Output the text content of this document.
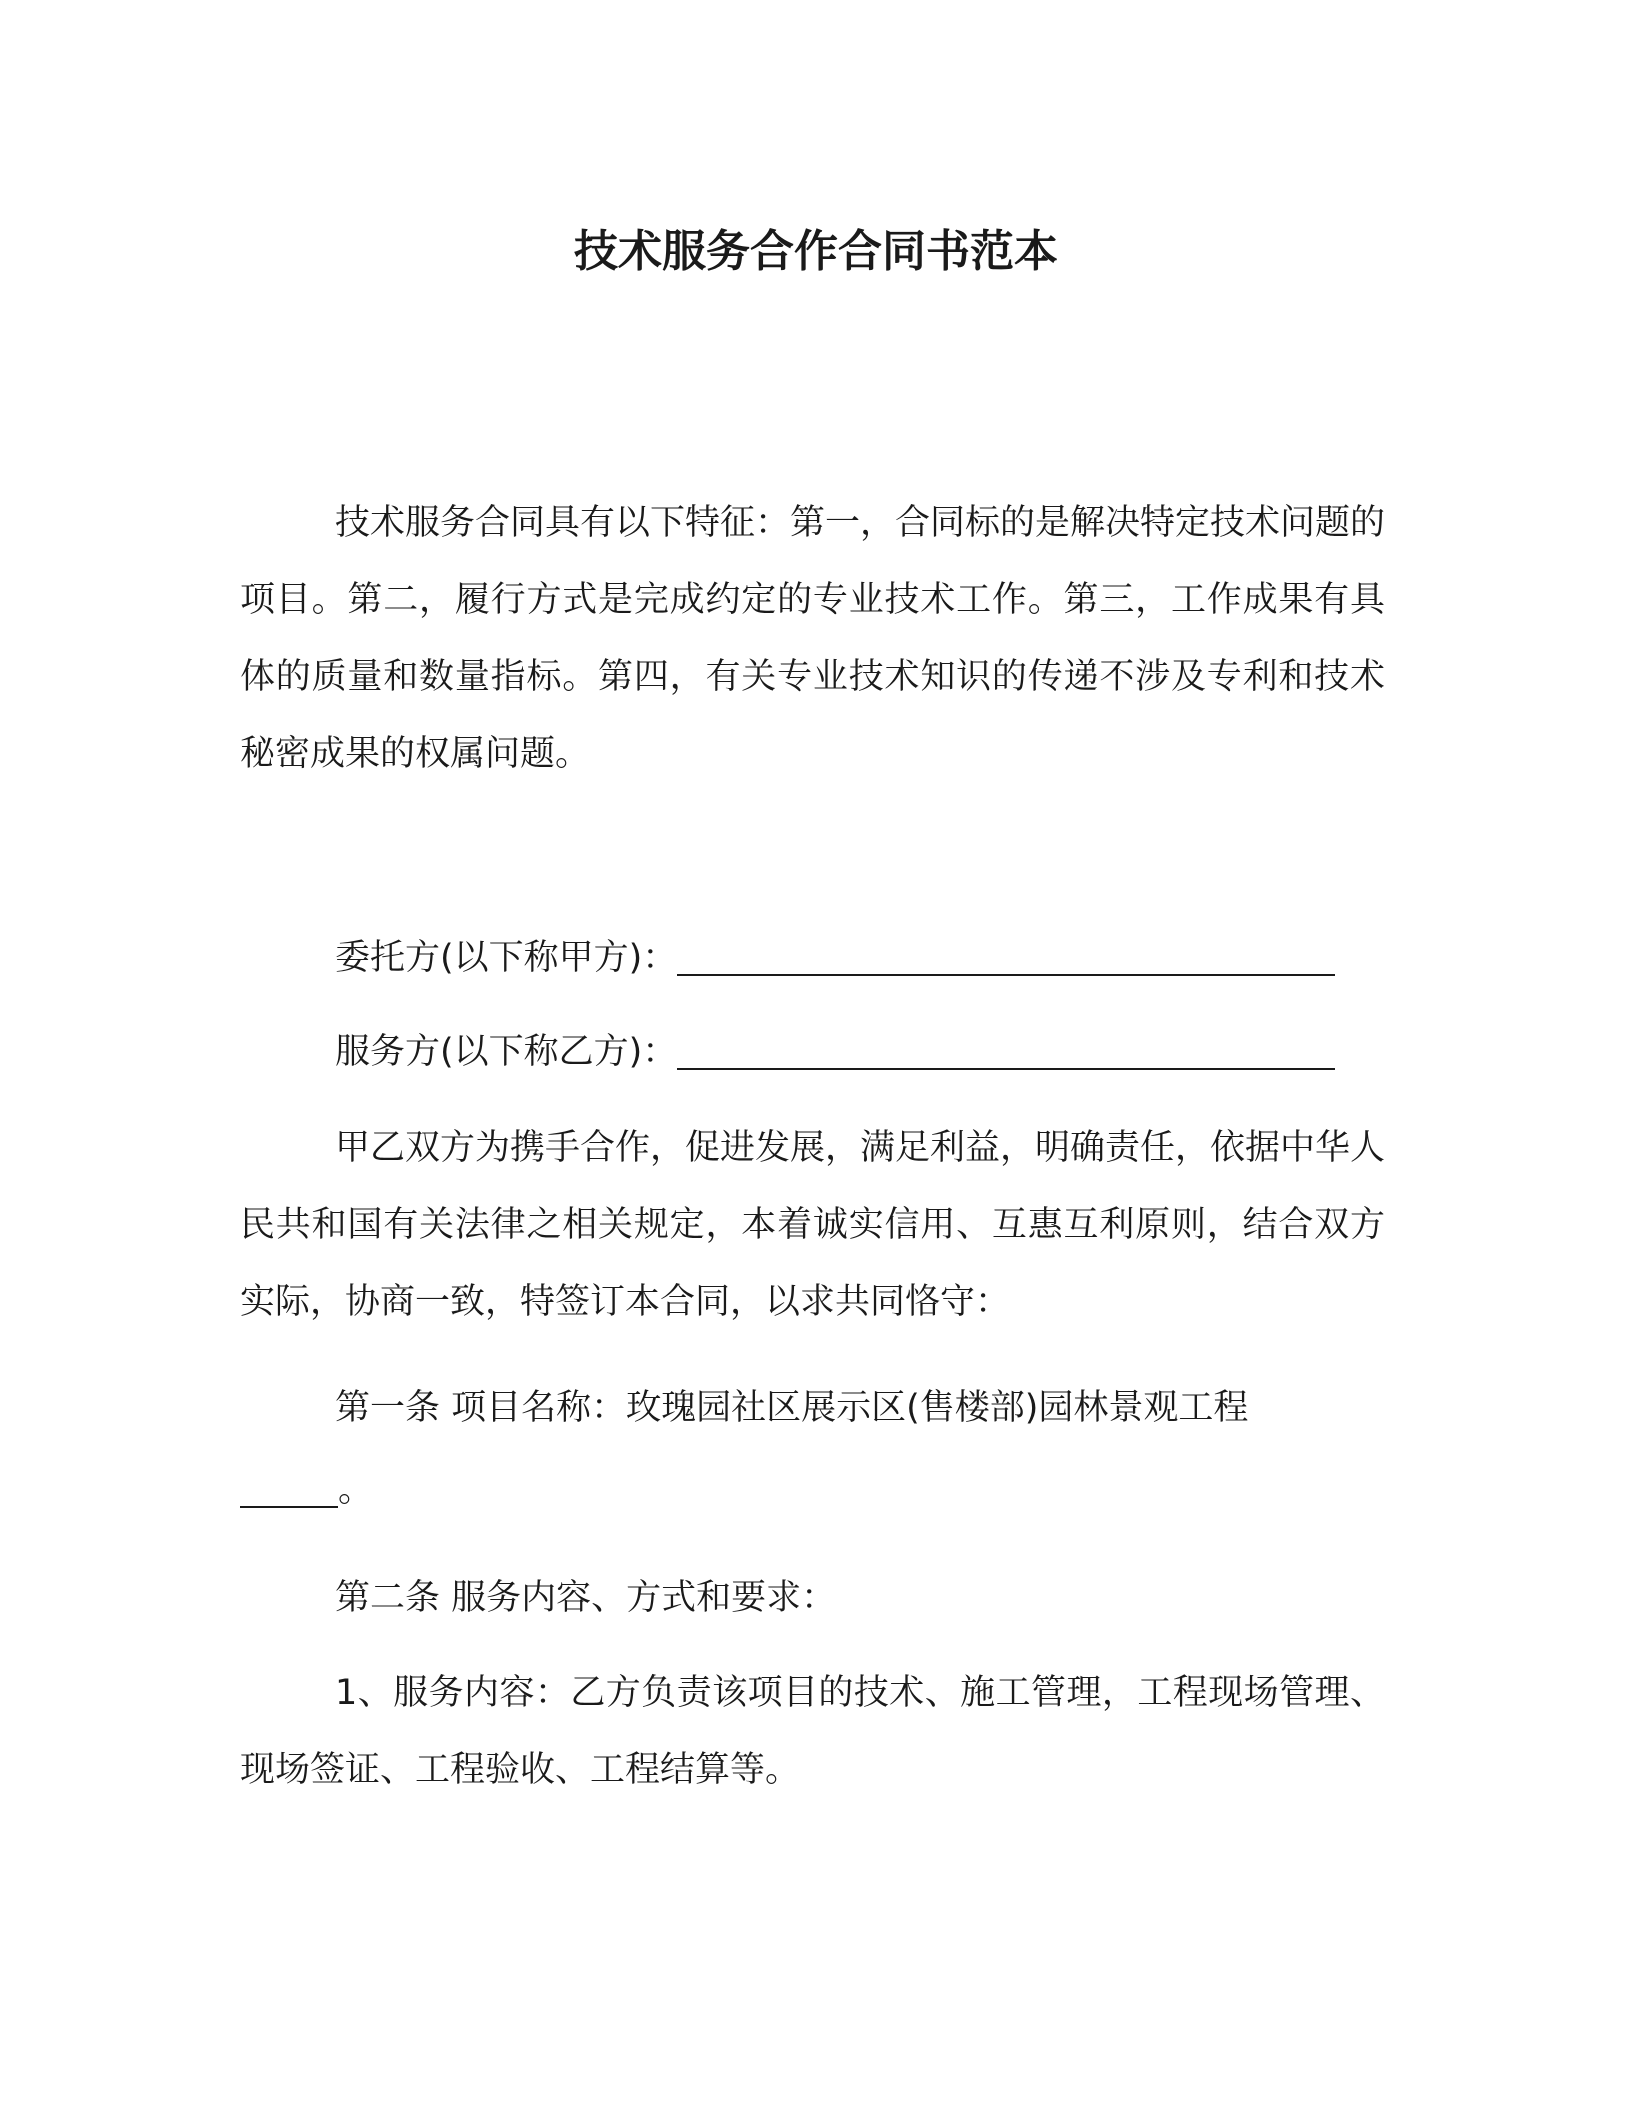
技术服务合作合同书范本

技术服务合同具有以下特征：第一，合同标的是解决特定技术问题的项目。第二，履行方式是完成约定的专业技术工作。第三，工作成果有具体的质量和数量指标。第四，有关专业技术知识的传递不涉及专利和技术秘密成果的权属问题。

委托方(以下称甲方)：
服务方(以下称乙方)：

甲乙双方为携手合作，促进发展，满足利益，明确责任，依据中华人民共和国有关法律之相关规定，本着诚实信用、互惠互利原则，结合双方实际，协商一致，特签订本合同，以求共同恪守：

第一条 项目名称：玫瑰园社区展示区(售楼部)园林景观工程
。
第二条 服务内容、方式和要求：

1、服务内容：乙方负责该项目的技术、施工管理，工程现场管理、现场签证、工程验收、工程结算等。
